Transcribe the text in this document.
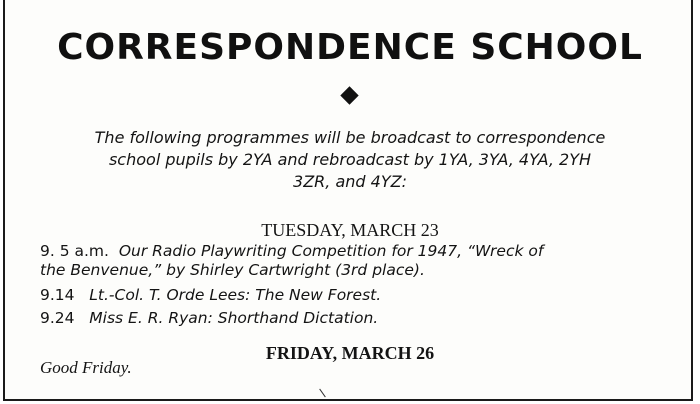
CORRESPONDENCE SCHOOL
The following programmes will be broadcast to correspondence
school pupils by 2YA and rebroadcast by 1YA, 3YA, 4YA, 2YH
3ZR, and 4YZ:
TUESDAY, MARCH 23
9. 5 a.m. Our Radio Playwriting Competition for 1947, “Wreck of
the Benvenue,” by Shirley Cartwright (3rd place).
9.14 Lt.-Col. T. Orde Lees: The New Forest.
9.24 Miss E. R. Ryan: Shorthand Dictation.
FRIDAY, MARCH 26
Good Friday.
